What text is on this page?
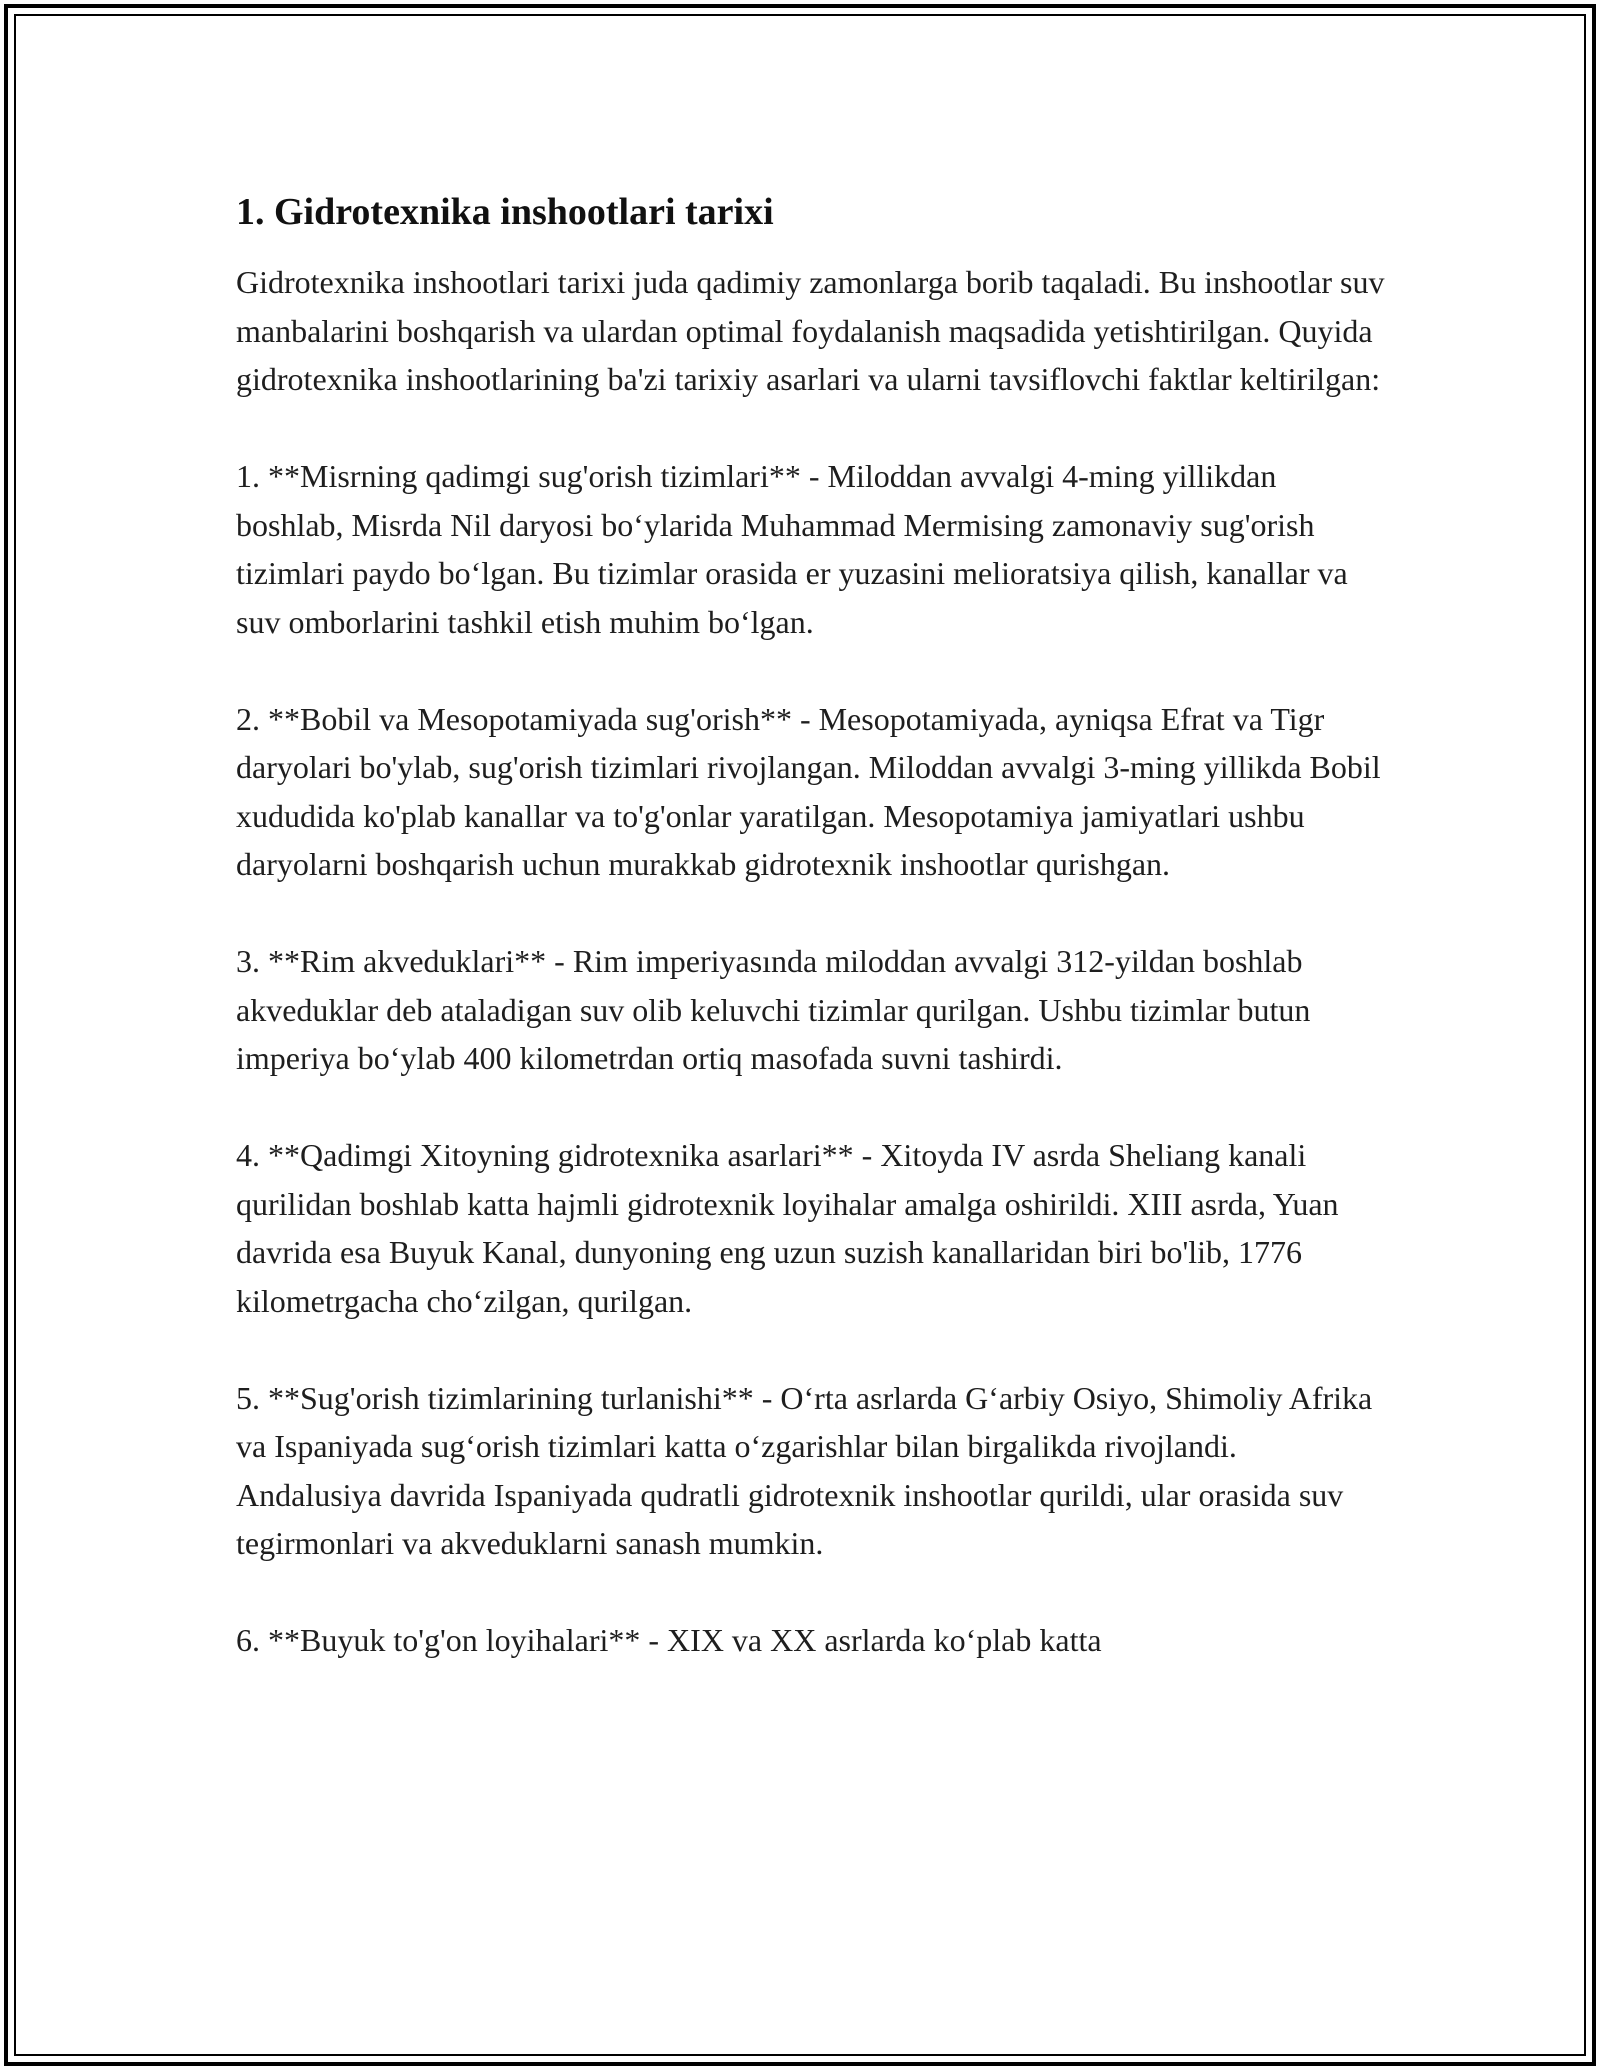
1. Gidrotexnika inshootlari tarixi

Gidrotexnika inshootlari tarixi juda qadimiy zamonlarga borib taqaladi. Bu inshootlar suv manbalarini boshqarish va ulardan optimal foydalanish maqsadida yetishtirilgan. Quyida gidrotexnika inshootlarining ba'zi tarixiy asarlari va ularni tavsiflovchi faktlar keltirilgan:

1. **Misrning qadimgi sug'orish tizimlari** - Miloddan avvalgi 4-ming yillikdan boshlab, Misrda Nil daryosi bo‘ylarida Muhammad Mermising zamonaviy sug'orish tizimlari paydo bo‘lgan. Bu tizimlar orasida er yuzasini melioratsiya qilish, kanallar va suv omborlarini tashkil etish muhim bo‘lgan.

2. **Bobil va Mesopotamiyada sug'orish** - Mesopotamiyada, ayniqsa Efrat va Tigr daryolari bo'ylab, sug'orish tizimlari rivojlangan. Miloddan avvalgi 3-ming yillikda Bobil xududida ko'plab kanallar va to'g'onlar yaratilgan. Mesopotamiya jamiyatlari ushbu daryolarni boshqarish uchun murakkab gidrotexnik inshootlar qurishgan.

3. **Rim akveduklari** - Rim imperiyasında miloddan avvalgi 312-yildan boshlab akveduklar deb ataladigan suv olib keluvchi tizimlar qurilgan. Ushbu tizimlar butun imperiya bo‘ylab 400 kilometrdan ortiq masofada suvni tashirdi.

4. **Qadimgi Xitoyning gidrotexnika asarlari** - Xitoyda IV asrda Sheliang kanali qurilidan boshlab katta hajmli gidrotexnik loyihalar amalga oshirildi. XIII asrda, Yuan davrida esa Buyuk Kanal, dunyoning eng uzun suzish kanallaridan biri bo'lib, 1776 kilometrgacha cho‘zilgan, qurilgan.

5. **Sug'orish tizimlarining turlanishi** - O‘rta asrlarda G‘arbiy Osiyo, Shimoliy Afrika va Ispaniyada sug‘orish tizimlari katta o‘zgarishlar bilan birgalikda rivojlandi. Andalusiya davrida Ispaniyada qudratli gidrotexnik inshootlar qurildi, ular orasida suv tegirmonlari va akveduklarni sanash mumkin.

6. **Buyuk to'g'on loyihalari** - XIX va XX asrlarda ko‘plab katta
